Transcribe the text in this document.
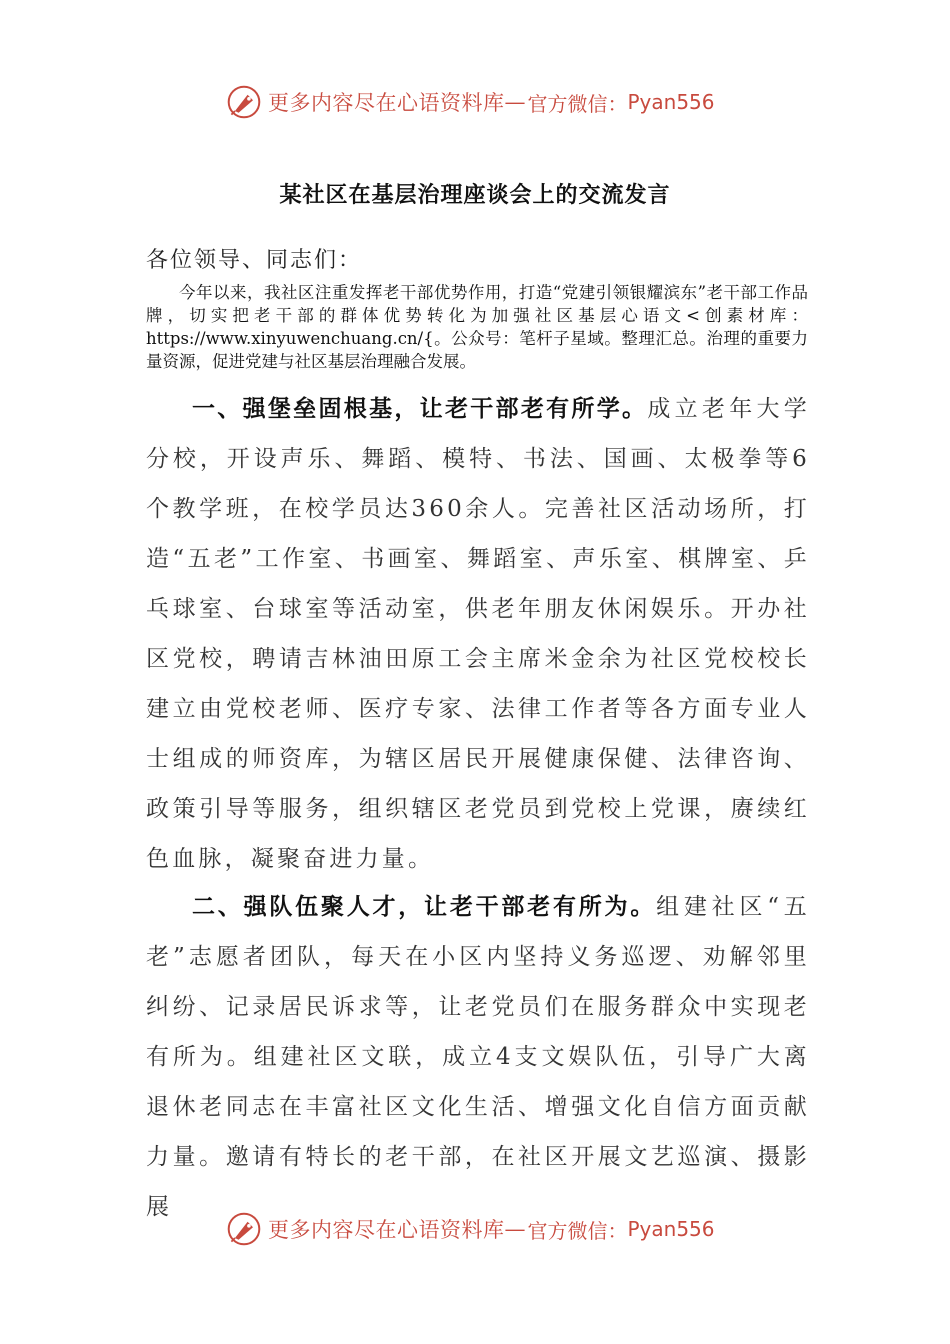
更多内容尽在心语资料库 — 官方微信： Pyan556
某社区在基层治理座谈会上的交流发言
各位领导、同志们：

今年以来，我社区注重发挥老干部优势作用，打造“党建引领银耀滨东”老干部工作品牌，切实把老干部的群体优势转化为加强社区基层心语文<创素材库：https://www.xinyuwenchuang.cn/{。公众号：笔杆子星域。整理汇总。治理的重要力量资源，促进党建与社区基层治理融合发展。

一、强堡垒固根基，让老干部老有所学。成立老年大学分校，开设声乐、舞蹈、模特、书法、国画、太极拳等6个教学班，在校学员达360余人。完善社区活动场所，打造“五老”工作室、书画室、舞蹈室、声乐室、棋牌室、乒乓球室、台球室等活动室，供老年朋友休闲娱乐。开办社区党校，聘请吉林油田原工会主席米金余为社区党校校长建立由党校老师、医疗专家、法律工作者等各方面专业人士组成的师资库，为辖区居民开展健康保健、法律咨询、政策引导等服务，组织辖区老党员到党校上党课，赓续红色血脉，凝聚奋进力量。

二、强队伍聚人才，让老干部老有所为。组建社区“五老”志愿者团队，每天在小区内坚持义务巡逻、劝解邻里纠纷、记录居民诉求等，让老党员们在服务群众中实现老有所为。组建社区文联，成立4支文娱队伍，引导广大离退休老同志在丰富社区文化生活、增强文化自信方面贡献力量。邀请有特长的老干部，在社区开展文艺巡演、摄影展

更多内容尽在心语资料库 — 官方微信： Pyan556
